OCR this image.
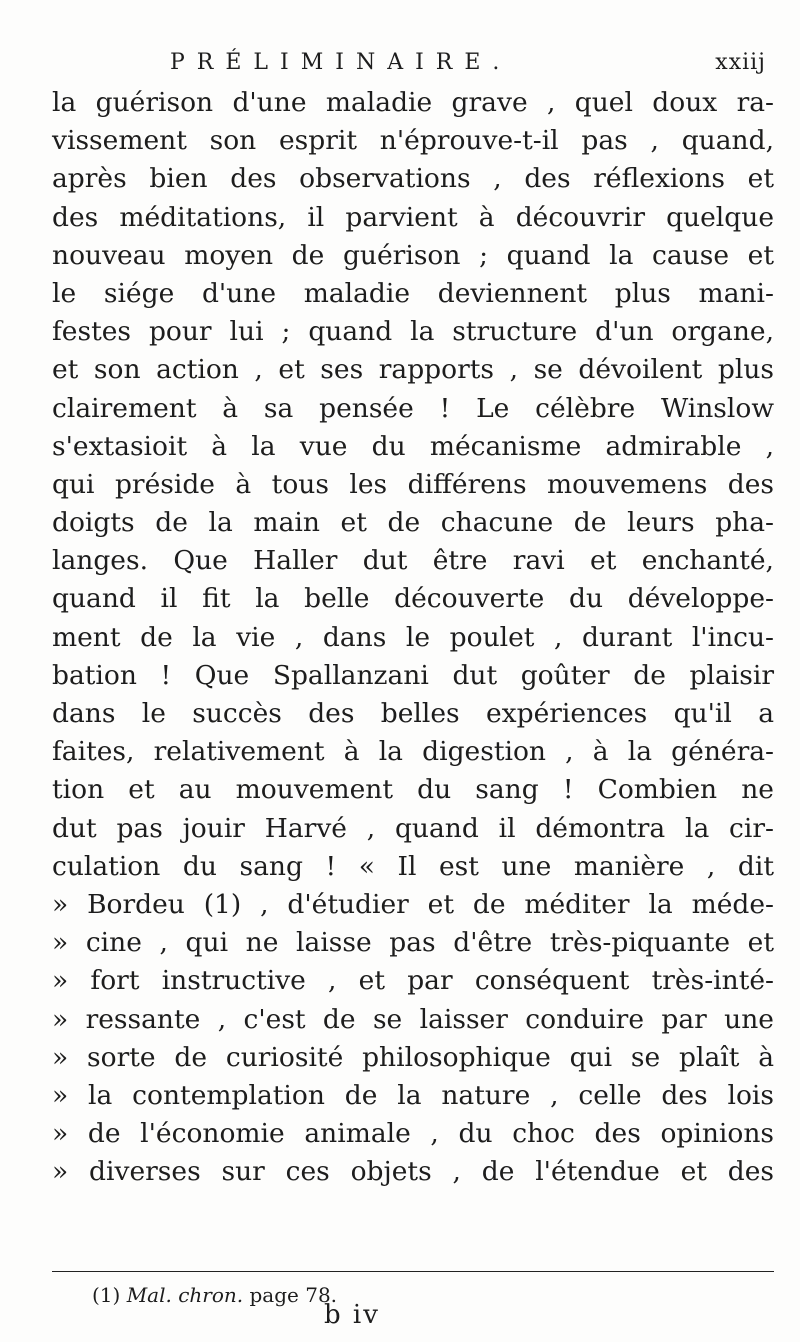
PRÉLIMINAIRE.	xxiij
la guérison d'une maladie grave , quel doux ra-
vissement son esprit n'éprouve-t-il pas , quand,
après bien des observations , des réflexions et
des méditations, il parvient à découvrir quelque
nouveau moyen de guérison ; quand la cause et
le siége d'une maladie deviennent plus mani-
festes pour lui ; quand la structure d'un organe,
et son action , et ses rapports , se dévoilent plus
clairement à sa pensée ! Le célèbre Winslow
s'extasioit à la vue du mécanisme admirable ,
qui préside à tous les différens mouvemens des
doigts de la main et de chacune de leurs pha-
langes. Que Haller dut être ravi et enchanté,
quand il fit la belle découverte du développe-
ment de la vie , dans le poulet , durant l'incu-
bation ! Que Spallanzani dut goûter de plaisir
dans le succès des belles expériences qu'il a
faites, relativement à la digestion , à la généra-
tion et au mouvement du sang ! Combien ne
dut pas jouir Harvé , quand il démontra la cir-
culation du sang ! « Il est une manière , dit
» Bordeu (1) , d'étudier et de méditer la méde-
» cine , qui ne laisse pas d'être très-piquante et
» fort instructive , et par conséquent très-inté-
» ressante , c'est de se laisser conduire par une
» sorte de curiosité philosophique qui se plaît à
» la contemplation de la nature , celle des lois
» de l'économie animale , du choc des opinions
» diverses sur ces objets , de l'étendue et des
(1) Mal. chron. page 78.
b iv
